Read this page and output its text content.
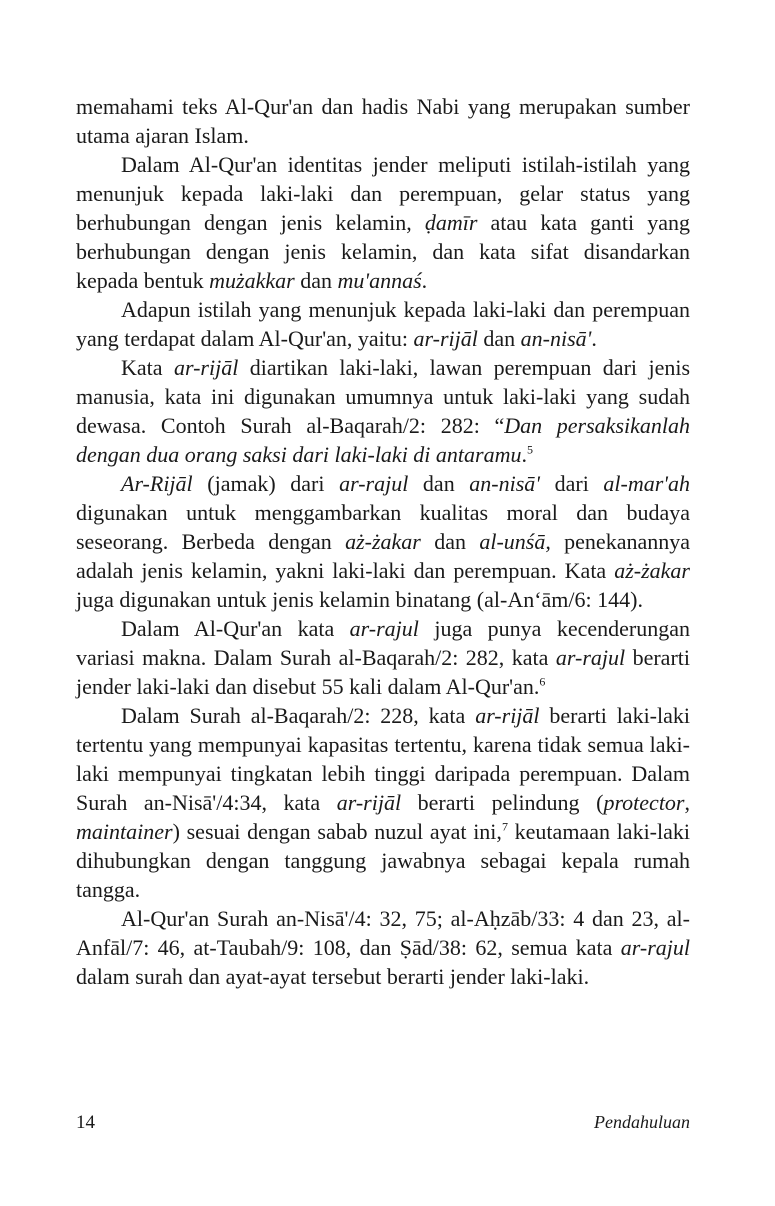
memahami teks Al-Qur'an dan hadis Nabi yang merupakan sumber utama ajaran Islam.

Dalam Al-Qur'an identitas jender meliputi istilah-istilah yang menunjuk kepada laki-laki dan perempuan, gelar status yang berhubungan dengan jenis kelamin, ḍamīr atau kata ganti yang berhubungan dengan jenis kelamin, dan kata sifat disandarkan kepada bentuk mużakkar dan mu'annaś.

Adapun istilah yang menunjuk kepada laki-laki dan perempuan yang terdapat dalam Al-Qur'an, yaitu: ar-rijāl dan an-nisā'.

Kata ar-rijāl diartikan laki-laki, lawan perempuan dari jenis manusia, kata ini digunakan umumnya untuk laki-laki yang sudah dewasa. Contoh Surah al-Baqarah/2: 282: “Dan persaksikanlah dengan dua orang saksi dari laki-laki di antaramu.$^5$

Ar-Rijāl (jamak) dari ar-rajul dan an-nisā' dari al-mar'ah digunakan untuk menggambarkan kualitas moral dan budaya seseorang. Berbeda dengan aż-żakar dan al-unśā, penekanannya adalah jenis kelamin, yakni laki-laki dan perempuan. Kata aż-żakar juga digunakan untuk jenis kelamin binatang (al-An‘ām/6: 144).

Dalam Al-Qur'an kata ar-rajul juga punya kecenderungan variasi makna. Dalam Surah al-Baqarah/2: 282, kata ar-rajul berarti jender laki-laki dan disebut 55 kali dalam Al-Qur'an.$^6$

Dalam Surah al-Baqarah/2: 228, kata ar-rijāl berarti laki-laki tertentu yang mempunyai kapasitas tertentu, karena tidak semua laki-laki mempunyai tingkatan lebih tinggi daripada perempuan. Dalam Surah an-Nisā'/4:34, kata ar-rijāl berarti pelindung (protector, maintainer) sesuai dengan sabab nuzul ayat ini,$^7$ keutamaan laki-laki dihubungkan dengan tanggung jawabnya sebagai kepala rumah tangga.

Al-Qur'an Surah an-Nisā'/4: 32, 75; al-Aḥzāb/33: 4 dan 23, al-Anfāl/7: 46, at-Taubah/9: 108, dan Ṣād/38: 62, semua kata ar-rajul dalam surah dan ayat-ayat tersebut berarti jender laki-laki.

14	Pendahuluan
